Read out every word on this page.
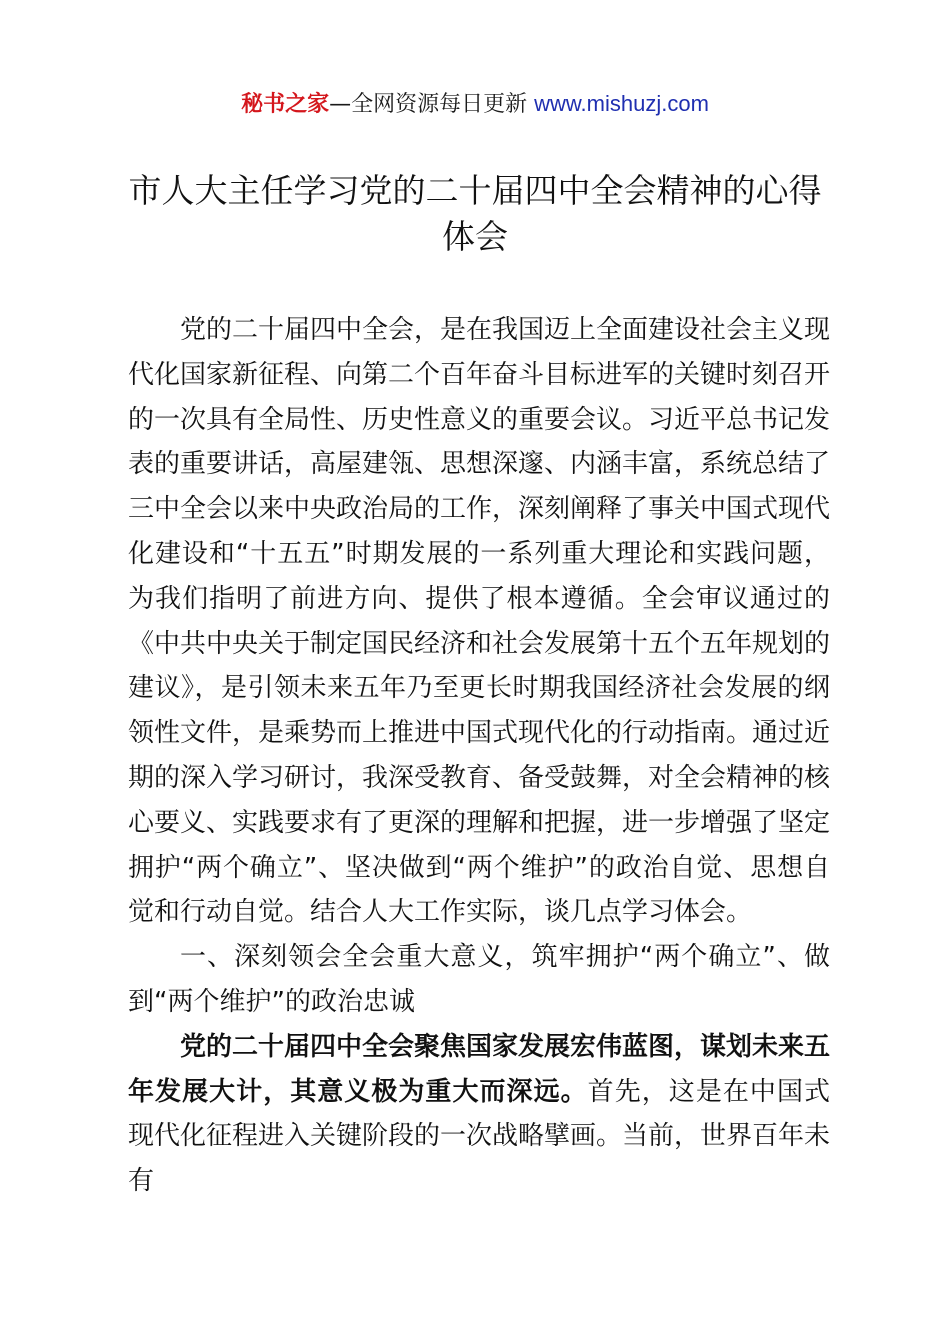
秘书之家—全网资源每日更新 www.mishuzj.com
市人大主任学习党的二十届四中全会精神的心得体会

党的二十届四中全会，是在我国迈上全面建设社会主义现代化国家新征程、向第二个百年奋斗目标进军的关键时刻召开的一次具有全局性、历史性意义的重要会议。习近平总书记发表的重要讲话，高屋建瓴、思想深邃、内涵丰富，系统总结了三中全会以来中央政治局的工作，深刻阐释了事关中国式现代化建设和“十五五”时期发展的一系列重大理论和实践问题，为我们指明了前进方向、提供了根本遵循。全会审议通过的《中共中央关于制定国民经济和社会发展第十五个五年规划的建议》，是引领未来五年乃至更长时期我国经济社会发展的纲领性文件，是乘势而上推进中国式现代化的行动指南。通过近期的深入学习研讨，我深受教育、备受鼓舞，对全会精神的核心要义、实践要求有了更深的理解和把握，进一步增强了坚定拥护“两个确立”、坚决做到“两个维护”的政治自觉、思想自觉和行动自觉。结合人大工作实际，谈几点学习体会。

一、深刻领会全会重大意义，筑牢拥护“两个确立”、做到“两个维护”的政治忠诚

党的二十届四中全会聚焦国家发展宏伟蓝图，谋划未来五年发展大计，其意义极为重大而深远。首先，这是在中国式现代化征程进入关键阶段的一次战略擘画。当前，世界百年未有
